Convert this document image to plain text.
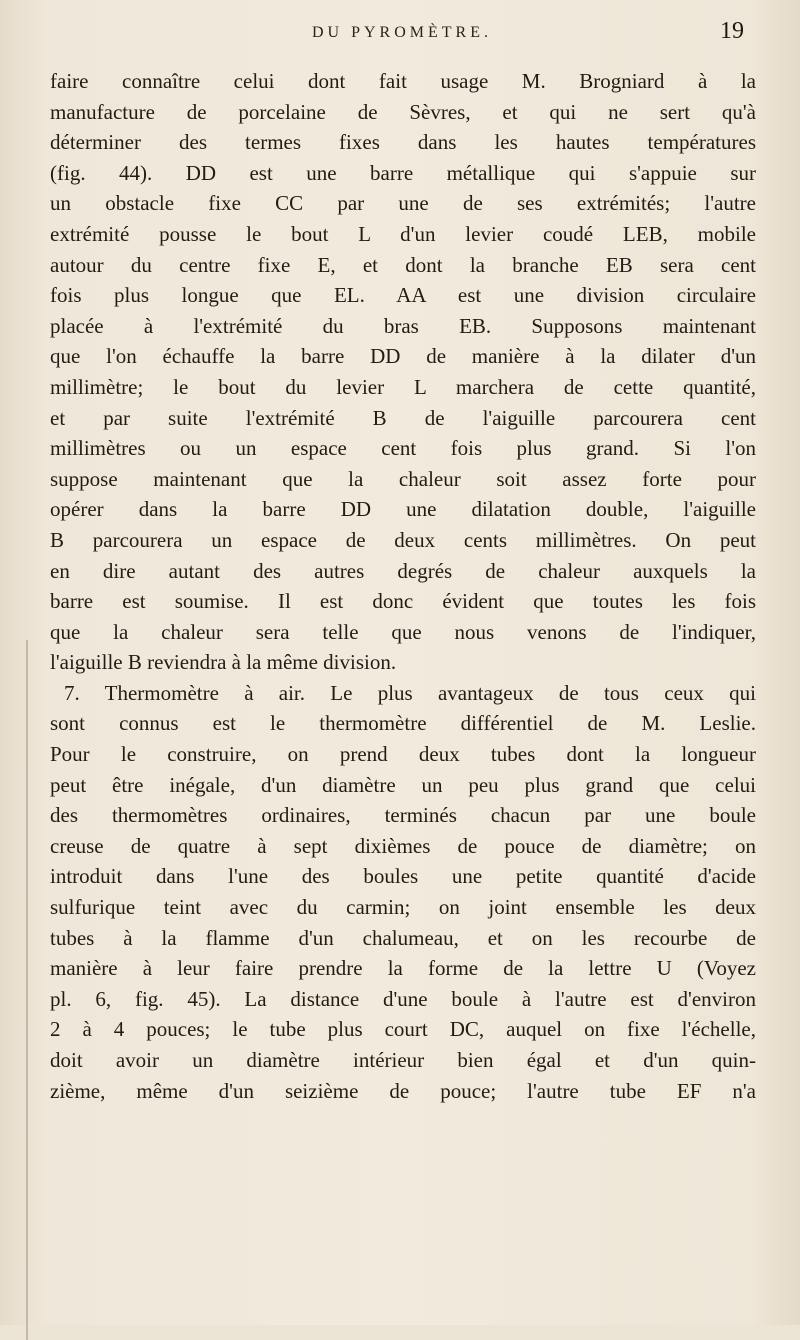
DU PYROMÈTRE.	19
faire connaître celui dont fait usage M. Brogniard à la
manufacture de porcelaine de Sèvres, et qui ne sert qu'à
déterminer des termes fixes dans les hautes températures
(fig. 44). DD est une barre métallique qui s'appuie sur
un obstacle fixe CC par une de ses extrémités; l'autre
extrémité pousse le bout L d'un levier coudé LEB, mobile
autour du centre fixe E, et dont la branche EB sera cent
fois plus longue que EL. AA est une division circulaire
placée à l'extrémité du bras EB. Supposons maintenant
que l'on échauffe la barre DD de manière à la dilater d'un
millimètre; le bout du levier L marchera de cette quantité,
et par suite l'extrémité B de l'aiguille parcourera cent
millimètres ou un espace cent fois plus grand. Si l'on
suppose maintenant que la chaleur soit assez forte pour
opérer dans la barre DD une dilatation double, l'aiguille
B parcourera un espace de deux cents millimètres. On peut
en dire autant des autres degrés de chaleur auxquels la
barre est soumise. Il est donc évident que toutes les fois
que la chaleur sera telle que nous venons de l'indiquer,
l'aiguille B reviendra à la même division.
7. Thermomètre à air. Le plus avantageux de tous ceux qui
sont connus est le thermomètre différentiel de M. Leslie.
Pour le construire, on prend deux tubes dont la longueur
peut être inégale, d'un diamètre un peu plus grand que celui
des thermomètres ordinaires, terminés chacun par une boule
creuse de quatre à sept dixièmes de pouce de diamètre; on
introduit dans l'une des boules une petite quantité d'acide
sulfurique teint avec du carmin; on joint ensemble les deux
tubes à la flamme d'un chalumeau, et on les recourbe de
manière à leur faire prendre la forme de la lettre U (Voyez
pl. 6, fig. 45). La distance d'une boule à l'autre est d'environ
2 à 4 pouces; le tube plus court DC, auquel on fixe l'échelle,
doit avoir un diamètre intérieur bien égal et d'un quin-
zième, même d'un seizième de pouce; l'autre tube EF n'a
